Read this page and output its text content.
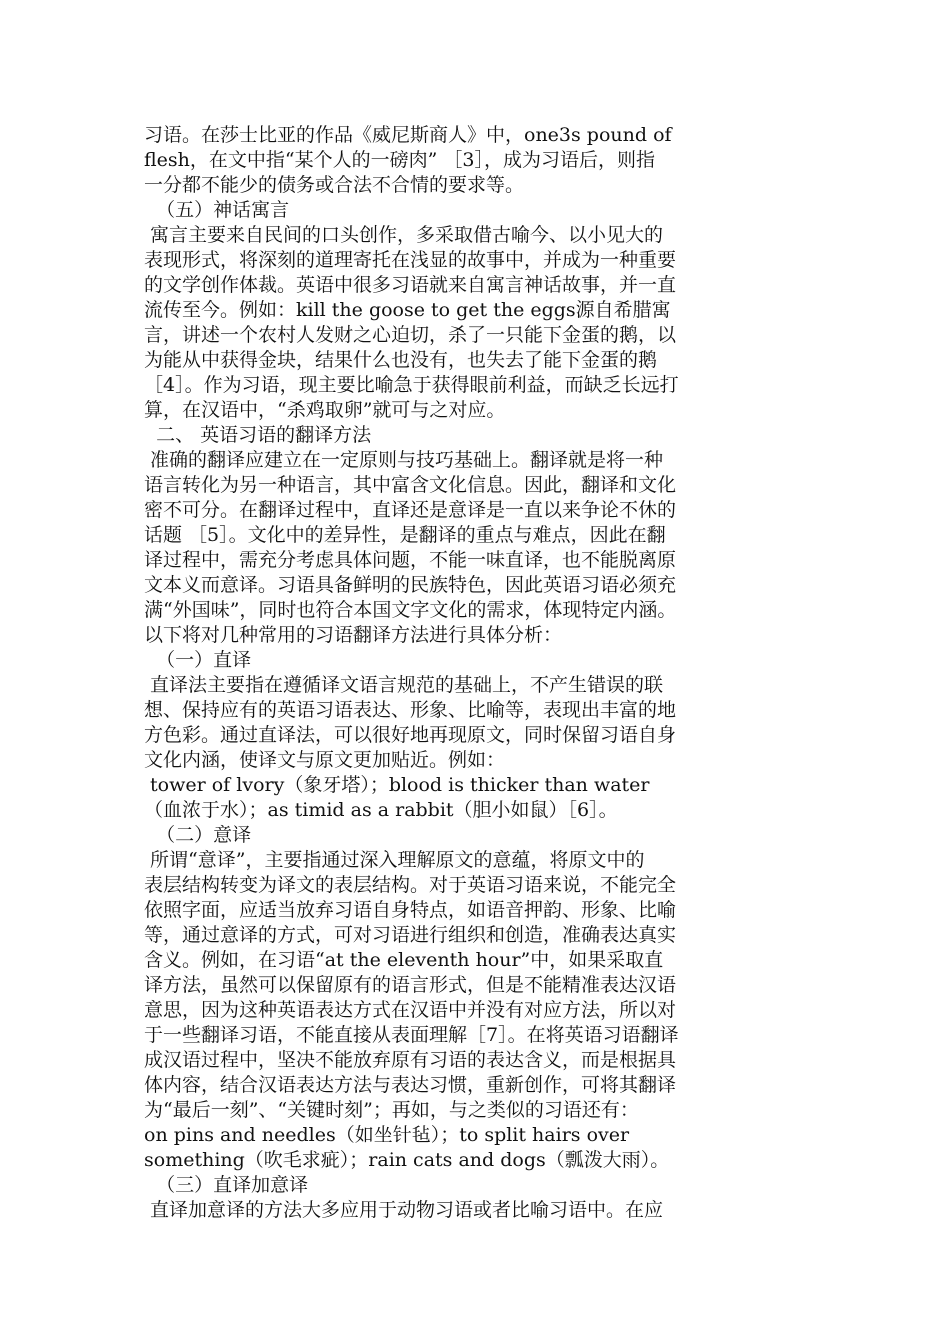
习语。在莎士比亚的作品《威尼斯商人》中，one3s pound of
flesh，在文中指“某个人的一磅肉” ［3］，成为习语后，则指
一分都不能少的债务或合法不合情的要求等。
（五）神话寓言
寓言主要来自民间的口头创作，多采取借古喻今、以小见大的
表现形式，将深刻的道理寄托在浅显的故事中，并成为一种重要
的文学创作体裁。英语中很多习语就来自寓言神话故事，并一直
流传至今。例如：kill the goose to get the eggs源自希腊寓
言，讲述一个农村人发财之心迫切，杀了一只能下金蛋的鹅，以
为能从中获得金块，结果什么也没有，也失去了能下金蛋的鹅
［4］。作为习语，现主要比喻急于获得眼前利益，而缺乏长远打
算，在汉语中，“杀鸡取卵”就可与之对应。
二、 英语习语的翻译方法
准确的翻译应建立在一定原则与技巧基础上。翻译就是将一种
语言转化为另一种语言，其中富含文化信息。因此，翻译和文化
密不可分。在翻译过程中，直译还是意译是一直以来争论不休的
话题 ［5］。文化中的差异性，是翻译的重点与难点，因此在翻
译过程中，需充分考虑具体问题，不能一味直译，也不能脱离原
文本义而意译。习语具备鲜明的民族特色，因此英语习语必须充
满“外国味”，同时也符合本国文字文化的需求，体现特定内涵。
以下将对几种常用的习语翻译方法进行具体分析：
（一）直译
直译法主要指在遵循译文语言规范的基础上，不产生错误的联
想、保持应有的英语习语表达、形象、比喻等，表现出丰富的地
方色彩。通过直译法，可以很好地再现原文，同时保留习语自身
文化内涵，使译文与原文更加贴近。例如：
tower of lvory（象牙塔）；blood is thicker than water
（血浓于水）；as timid as a rabbit（胆小如鼠）［6］。
（二）意译
所谓“意译”，主要指通过深入理解原文的意蕴，将原文中的
表层结构转变为译文的表层结构。对于英语习语来说，不能完全
依照字面，应适当放弃习语自身特点，如语音押韵、形象、比喻
等，通过意译的方式，可对习语进行组织和创造，准确表达真实
含义。例如，在习语“at the eleventh hour”中，如果采取直
译方法，虽然可以保留原有的语言形式，但是不能精准表达汉语
意思，因为这种英语表达方式在汉语中并没有对应方法，所以对
于一些翻译习语，不能直接从表面理解［7］。在将英语习语翻译
成汉语过程中，坚决不能放弃原有习语的表达含义，而是根据具
体内容，结合汉语表达方法与表达习惯，重新创作，可将其翻译
为“最后一刻”、“关键时刻”；再如，与之类似的习语还有：
on pins and needles（如坐针毡）；to split hairs over
something（吹毛求疵）；rain cats and dogs（瓢泼大雨）。
（三）直译加意译
直译加意译的方法大多应用于动物习语或者比喻习语中。在应
